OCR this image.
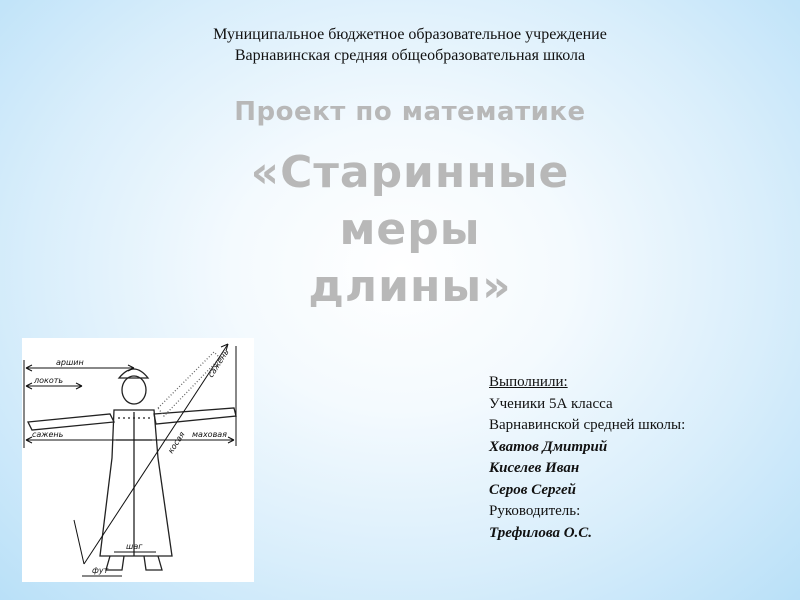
Муниципальное бюджетное образовательное учреждение
Варнавинская средняя общеобразовательная школа
Проект по математике
«Старинные
меры
длины»
аршин
локоть
сажень	маховая
сажень
косая
шаг
фут
Выполнили:
Ученики 5А класса
Варнавинской средней школы:
Хватов Дмитрий
Киселев Иван
Серов Сергей
Руководитель:
Трефилова О.С.
